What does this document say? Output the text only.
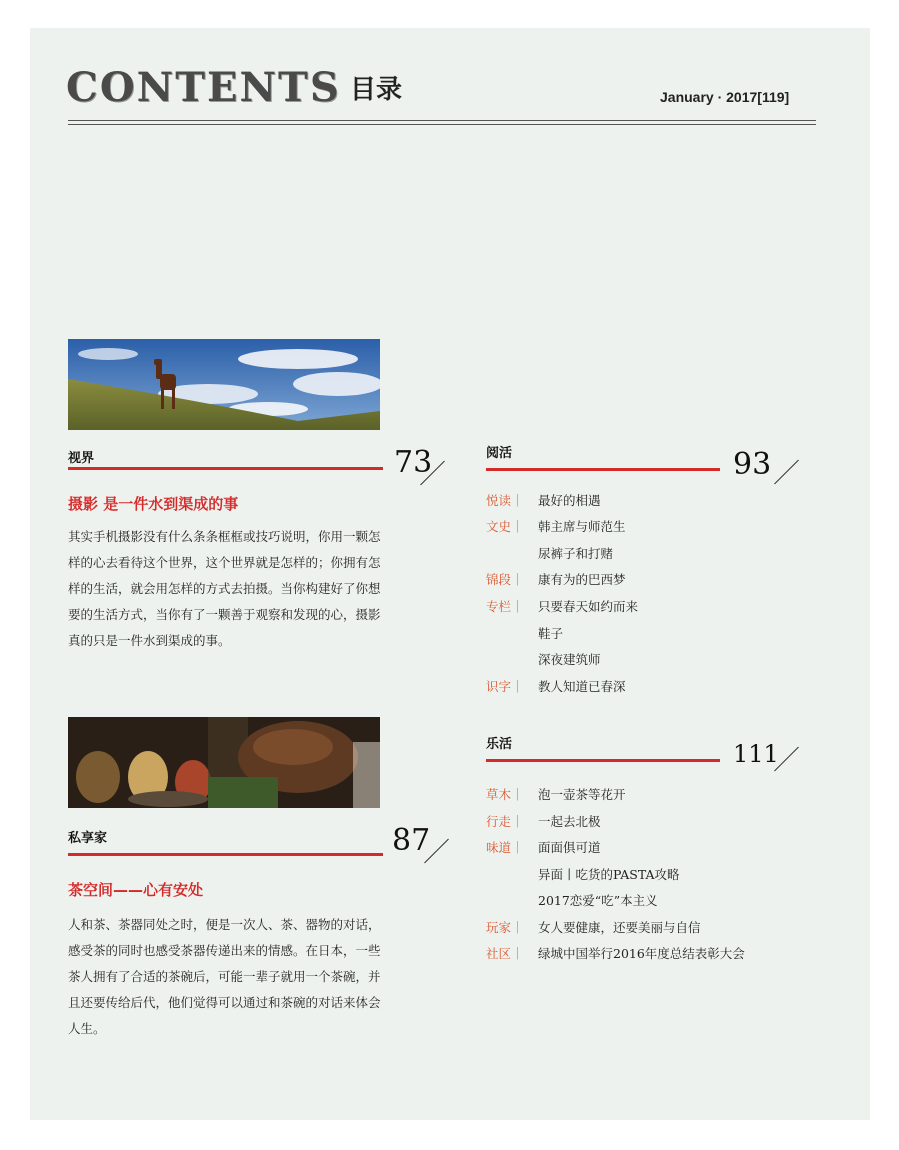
CONTENTS 目录	January · 2017[119]
视界	73
摄影 是一件水到渠成的事
其实手机摄影没有什么条条框框或技巧说明，你用一颗怎样的心去看待这个世界，这个世界就是怎样的；你拥有怎样的生活，就会用怎样的方式去拍摄。当你构建好了你想要的生活方式，当你有了一颗善于观察和发现的心，摄影真的只是一件水到渠成的事。
私享家	87
茶空间——心有安处
人和茶、茶器同处之时，便是一次人、茶、器物的对话，感受茶的同时也感受茶器传递出来的情感。在日本，一些茶人拥有了合适的茶碗后，可能一辈子就用一个茶碗，并且还要传给后代，他们觉得可以通过和茶碗的对话来体会人生。
阅活	93
悦读｜ 最好的相遇
文史｜ 韩主席与师范生
尿裤子和打赌
锦段｜ 康有为的巴西梦
专栏｜ 只要春天如约而来
鞋子
深夜建筑师
识字｜ 教人知道已春深
乐活	111
草木｜ 泡一壶茶等花开
行走｜ 一起去北极
味道｜ 面面俱可道
异面丨吃货的PASTA攻略
2017恋爱“吃”本主义
玩家｜ 女人要健康，还要美丽与自信
社区｜ 绿城中国举行2016年度总结表彰大会
